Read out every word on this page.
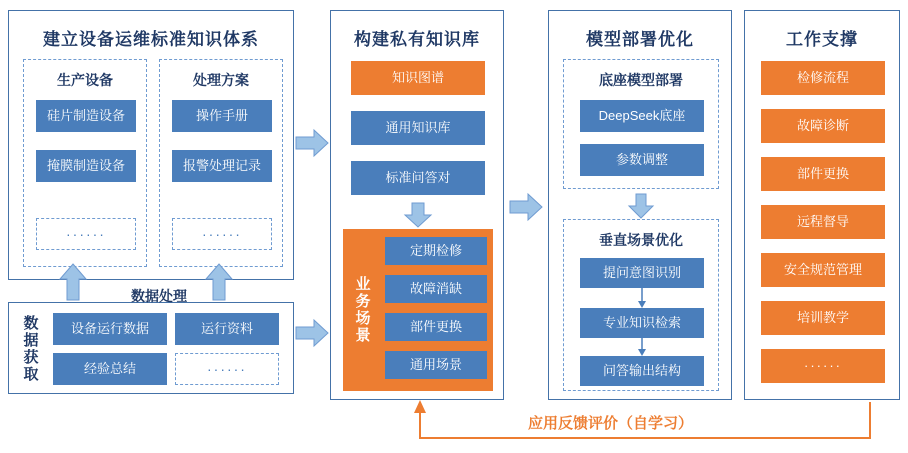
建立设备运维标准知识体系
生产设备
硅片制造设备
掩膜制造设备
······
处理方案
操作手册
报警处理记录
······
数据获取	设备运行数据	运行资料
经验总结	······
数据处理
构建私有知识库
知识图谱
通用知识库
标准问答对
业务场景
定期检修
故障消缺
部件更换
通用场景
模型部署优化
底座模型部署
DeepSeek底座
参数调整
垂直场景优化
提问意图识别
专业知识检索
问答输出结构
工作支撑
检修流程
故障诊断
部件更换
远程督导
安全规范管理
培训教学
······
应用反馈评价（自学习）
